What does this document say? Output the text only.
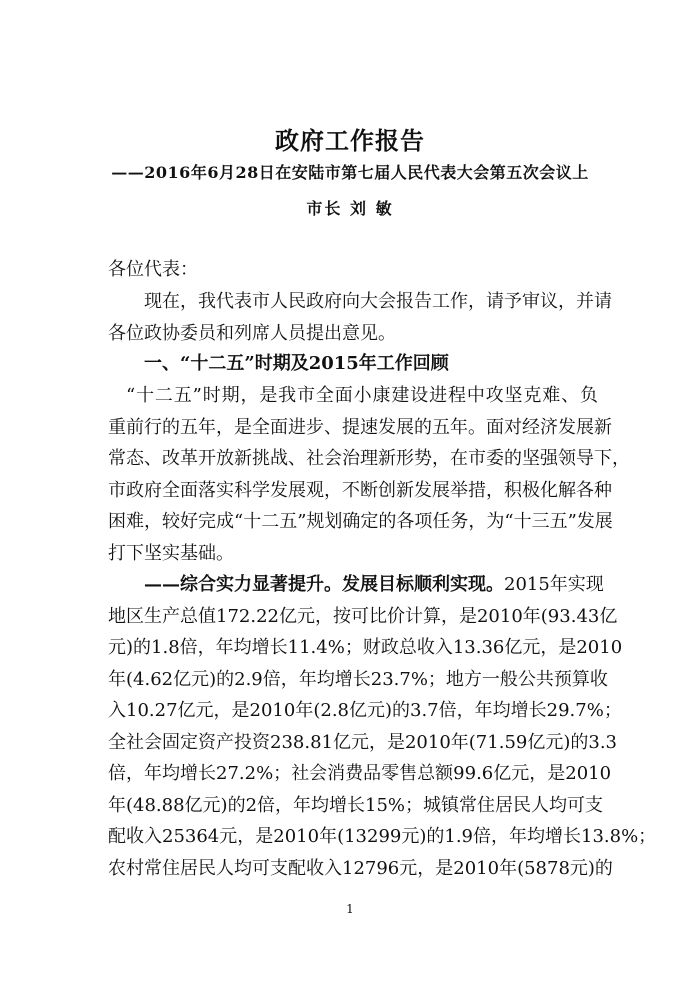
政府工作报告
——2016年6月28日在安陆市第七届人民代表大会第五次会议上
市长 刘 敏
各位代表：
现在，我代表市人民政府向大会报告工作，请予审议，并请
各位政协委员和列席人员提出意见。
一、“十二五”时期及2015年工作回顾
“十二五”时期，是我市全面小康建设进程中攻坚克难、负
重前行的五年，是全面进步、提速发展的五年。面对经济发展新
常态、改革开放新挑战、社会治理新形势，在市委的坚强领导下，
市政府全面落实科学发展观，不断创新发展举措，积极化解各种
困难，较好完成“十二五”规划确定的各项任务，为“十三五”发展
打下坚实基础。
——综合实力显著提升。发展目标顺利实现。2015年实现
地区生产总值172.22亿元，按可比价计算，是2010年(93.43亿
元)的1.8倍，年均增长11.4%；财政总收入13.36亿元，是2010
年(4.62亿元)的2.9倍，年均增长23.7%；地方一般公共预算收
入10.27亿元，是2010年(2.8亿元)的3.7倍，年均增长29.7%；
全社会固定资产投资238.81亿元，是2010年(71.59亿元)的3.3
倍，年均增长27.2%；社会消费品零售总额99.6亿元，是2010
年(48.88亿元)的2倍，年均增长15%；城镇常住居民人均可支
配收入25364元，是2010年(13299元)的1.9倍，年均增长13.8%；
农村常住居民人均可支配收入12796元，是2010年(5878元)的
1
